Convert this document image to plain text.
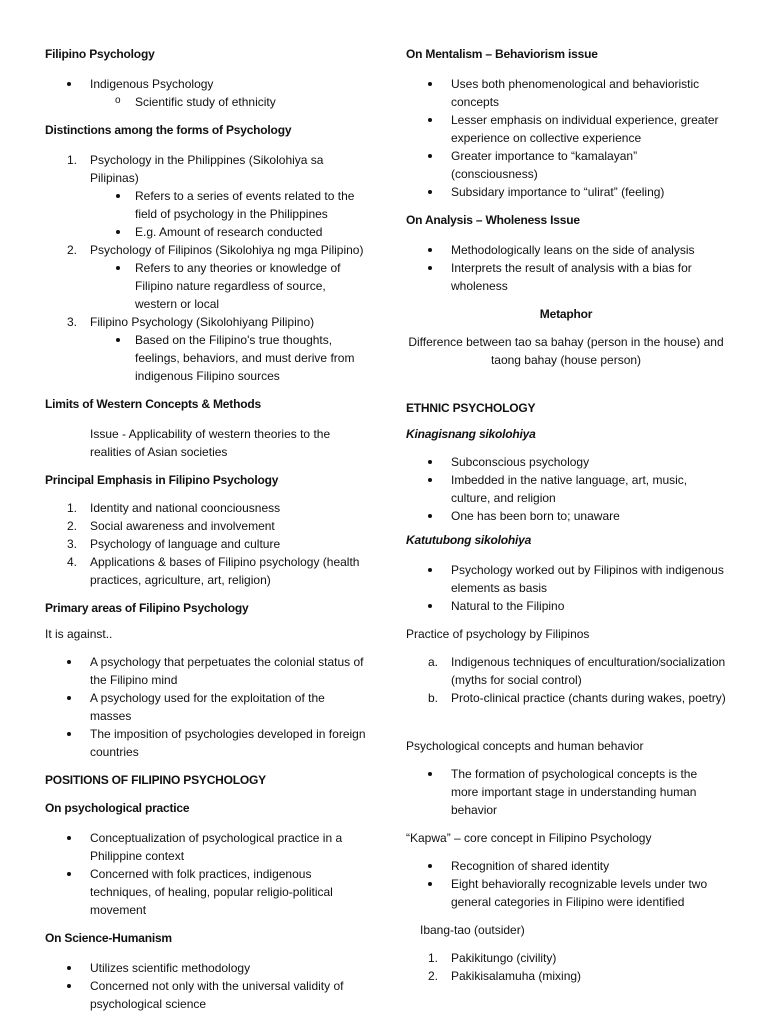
Filipino Psychology

Indigenous Psychology
o Scientific study of ethnicity

Distinctions among the forms of Psychology

1. Psychology in the Philippines (Sikolohiya sa Pilipinas)
Refers to a series of events related to the field of psychology in the Philippines
E.g. Amount of research conducted
2. Psychology of Filipinos (Sikolohiya ng mga Pilipino)
Refers to any theories or knowledge of Filipino nature regardless of source, western or local
3. Filipino Psychology (Sikolohiyang Pilipino)
Based on the Filipino's true thoughts, feelings, behaviors, and must derive from indigenous Filipino sources

Limits of Western Concepts & Methods

Issue - Applicability of western theories to the realities of Asian societies

Principal Emphasis in Filipino Psychology

1. Identity and national coonciousness
2. Social awareness and involvement
3. Psychology of language and culture
4. Applications & bases of Filipino psychology (health practices, agriculture, art, religion)

Primary areas of Filipino Psychology

It is against..

A psychology that perpetuates the colonial status of the Filipino mind
A psychology used for the exploitation of the masses
The imposition of psychologies developed in foreign countries

POSITIONS OF FILIPINO PSYCHOLOGY

On psychological practice

Conceptualization of psychological practice in a Philippine context
Concerned with folk practices, indigenous techniques, of healing, popular religio-political movement

On Science-Humanism

Utilizes scientific methodology
Concerned not only with the universal validity of psychological science

On Mentalism – Behaviorism issue

Uses both phenomenological and behavioristic concepts
Lesser emphasis on individual experience, greater experience on collective experience
Greater importance to “kamalayan” (consciousness)
Subsidary importance to “ulirat” (feeling)

On Analysis – Wholeness Issue

Methodologically leans on the side of analysis
Interprets the result of analysis with a bias for wholeness

Metaphor

Difference between tao sa bahay (person in the house) and taong bahay (house person)

ETHNIC PSYCHOLOGY

Kinagisnang sikolohiya

Subconscious psychology
Imbedded in the native language, art, music, culture, and religion
One has been born to; unaware

Katutubong sikolohiya

Psychology worked out by Filipinos with indigenous elements as basis
Natural to the Filipino

Practice of psychology by Filipinos

a. Indigenous techniques of enculturation/socialization (myths for social control)
b. Proto-clinical practice (chants during wakes, poetry)

Psychological concepts and human behavior

The formation of psychological concepts is the more important stage in understanding human behavior

“Kapwa” – core concept in Filipino Psychology

Recognition of shared identity
Eight behaviorally recognizable levels under two general categories in Filipino were identified

Ibang-tao (outsider)

1. Pakikitungo (civility)
2. Pakikisalamuha (mixing)
